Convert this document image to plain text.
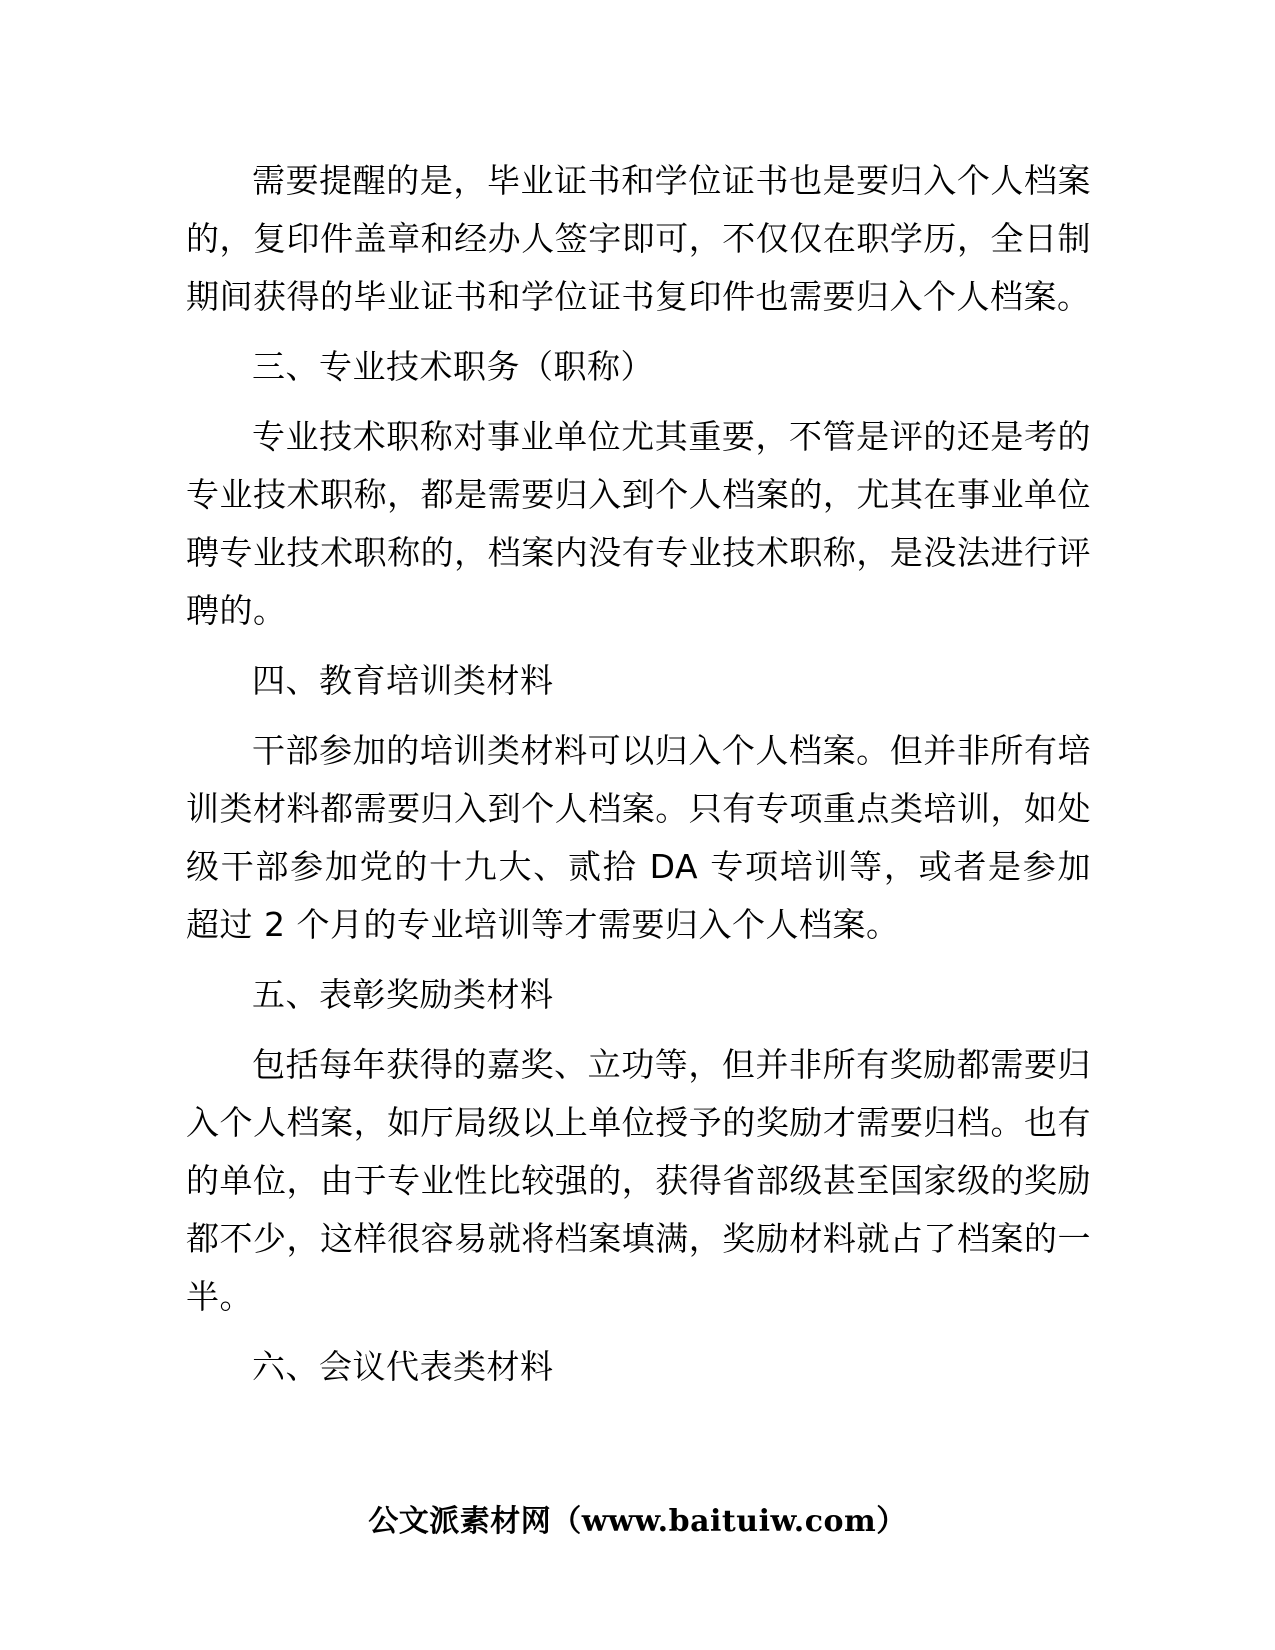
需要提醒的是，毕业证书和学位证书也是要归入个人档案的，复印件盖章和经办人签字即可，不仅仅在职学历，全日制期间获得的毕业证书和学位证书复印件也需要归入个人档案。

三、专业技术职务（职称）

专业技术职称对事业单位尤其重要，不管是评的还是考的专业技术职称，都是需要归入到个人档案的，尤其在事业单位聘专业技术职称的，档案内没有专业技术职称，是没法进行评聘的。

四、教育培训类材料

干部参加的培训类材料可以归入个人档案。但并非所有培训类材料都需要归入到个人档案。只有专项重点类培训，如处级干部参加党的十九大、贰拾 DA 专项培训等，或者是参加超过 2 个月的专业培训等才需要归入个人档案。

五、表彰奖励类材料

包括每年获得的嘉奖、立功等，但并非所有奖励都需要归入个人档案，如厅局级以上单位授予的奖励才需要归档。也有的单位，由于专业性比较强的，获得省部级甚至国家级的奖励都不少，这样很容易就将档案填满，奖励材料就占了档案的一半。

六、会议代表类材料

公文派素材网（www.baituiw.com）
